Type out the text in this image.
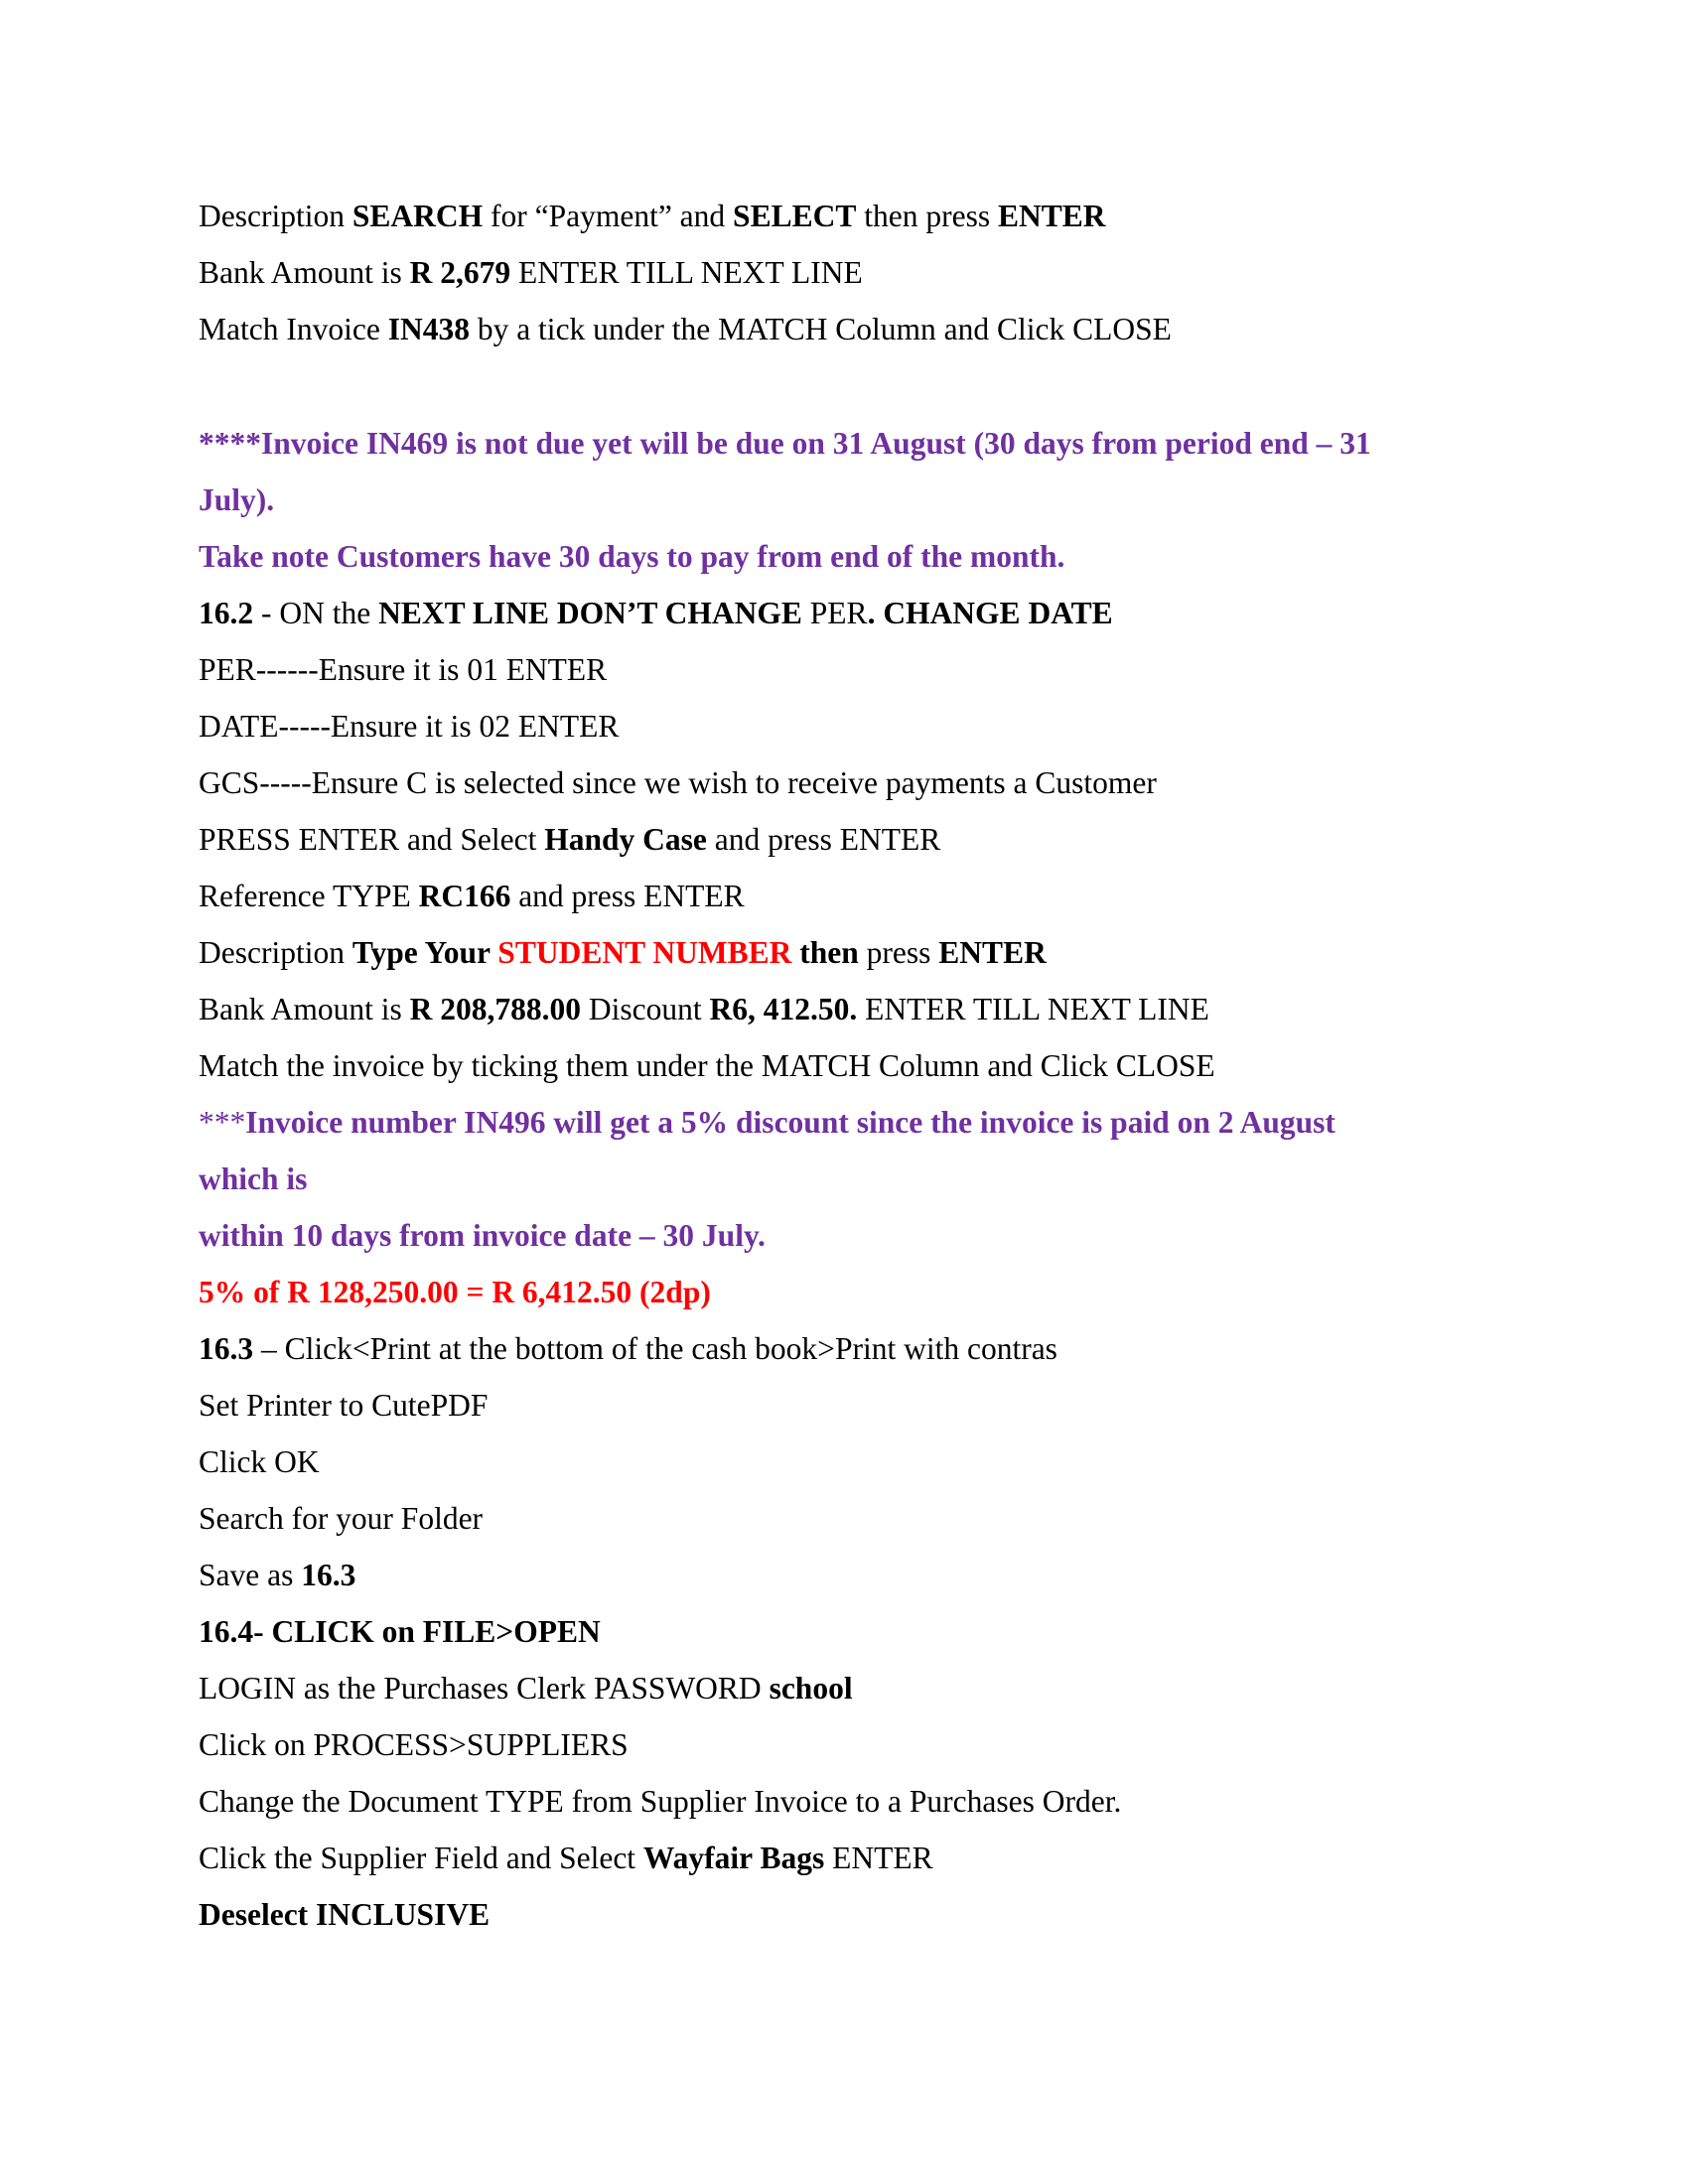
Description SEARCH for “Payment” and SELECT then press ENTER
Bank Amount is R 2,679 ENTER TILL NEXT LINE
Match Invoice IN438 by a tick under the MATCH Column and Click CLOSE
****Invoice IN469 is not due yet will be due on 31 August (30 days from period end – 31
July).
Take note Customers have 30 days to pay from end of the month.
16.2 - ON the NEXT LINE DON’T CHANGE PER. CHANGE DATE
PER------Ensure it is 01 ENTER
DATE-----Ensure it is 02 ENTER
GCS-----Ensure C is selected since we wish to receive payments a Customer
PRESS ENTER and Select Handy Case and press ENTER
Reference TYPE RC166 and press ENTER
Description Type Your STUDENT NUMBER then press ENTER
Bank Amount is R 208,788.00 Discount R6, 412.50. ENTER TILL NEXT LINE
Match the invoice by ticking them under the MATCH Column and Click CLOSE
***Invoice number IN496 will get a 5% discount since the invoice is paid on 2 August
which is
within 10 days from invoice date – 30 July.
5% of R 128,250.00 = R 6,412.50 (2dp)
16.3 – Click<Print at the bottom of the cash book>Print with contras
Set Printer to CutePDF
Click OK
Search for your Folder
Save as 16.3
16.4- CLICK on FILE>OPEN
LOGIN as the Purchases Clerk PASSWORD school
Click on PROCESS>SUPPLIERS
Change the Document TYPE from Supplier Invoice to a Purchases Order.
Click the Supplier Field and Select Wayfair Bags ENTER
Deselect INCLUSIVE
